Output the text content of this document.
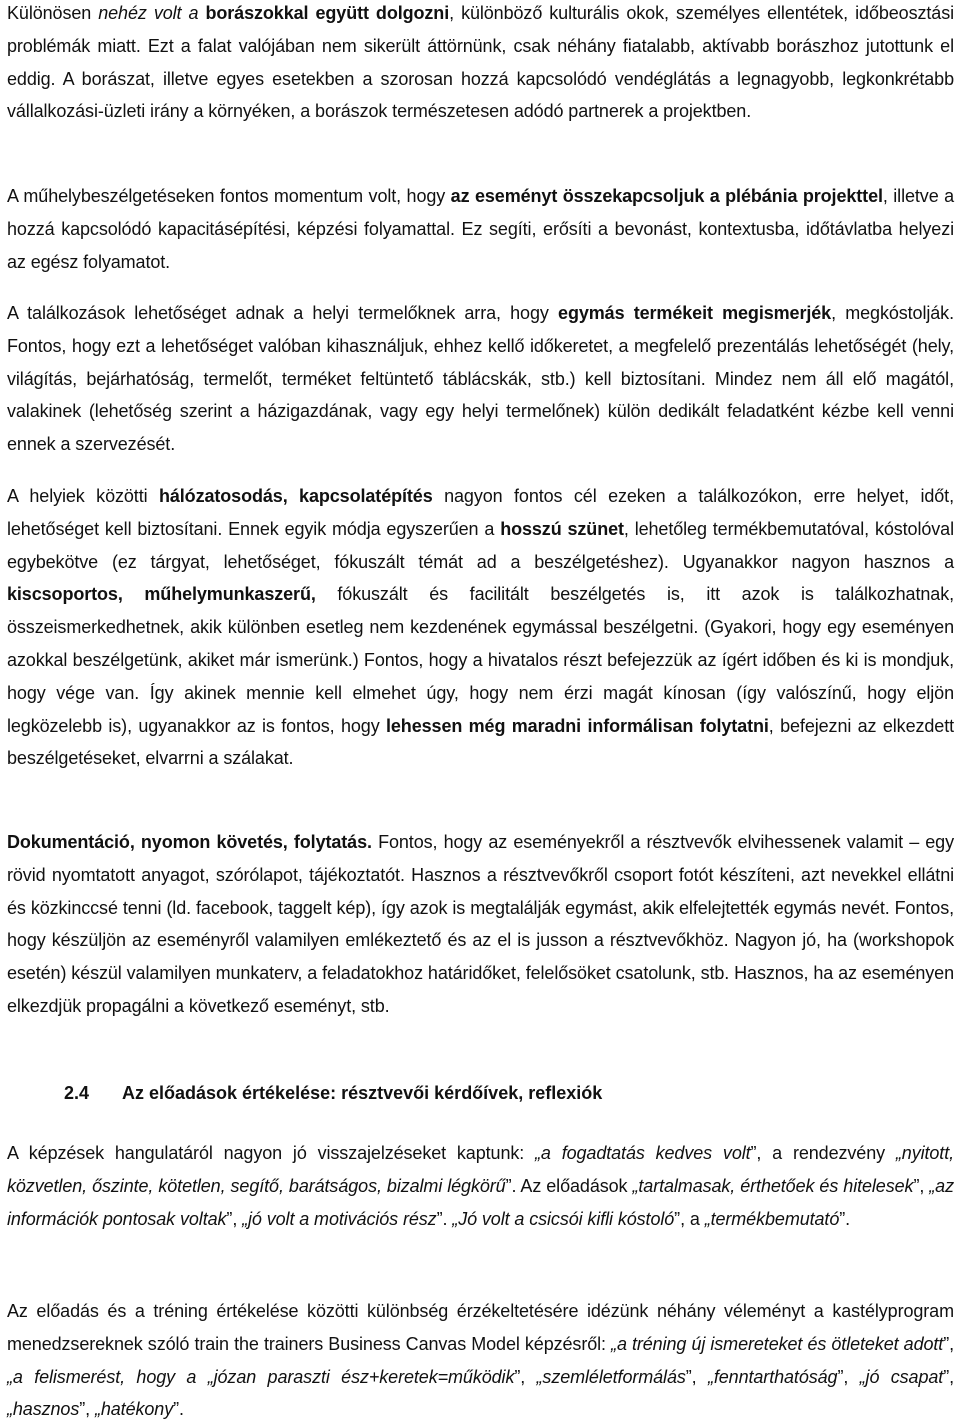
Különösen nehéz volt a borászokkal együtt dolgozni, különböző kulturális okok, személyes ellentétek, időbeosztási problémák miatt. Ezt a falat valójában nem sikerült áttörnünk, csak néhány fiatalabb, aktívabb borászhoz jutottunk el eddig. A borászat, illetve egyes esetekben a szorosan hozzá kapcsolódó vendéglátás a legnagyobb, legkonkrétabb vállalkozási-üzleti irány a környéken, a borászok természetesen adódó partnerek a projektben.

A műhelybeszélgetéseken fontos momentum volt, hogy az eseményt összekapcsoljuk a plébánia projekttel, illetve a hozzá kapcsolódó kapacitásépítési, képzési folyamattal. Ez segíti, erősíti a bevonást, kontextusba, időtávlatba helyezi az egész folyamatot.

A találkozások lehetőséget adnak a helyi termelőknek arra, hogy egymás termékeit megismerjék, megkóstolják. Fontos, hogy ezt a lehetőséget valóban kihasználjuk, ehhez kellő időkeretet, a megfelelő prezentálás lehetőségét (hely, világítás, bejárhatóság, termelőt, terméket feltüntető táblácskák, stb.) kell biztosítani. Mindez nem áll elő magától, valakinek (lehetőség szerint a házigazdának, vagy egy helyi termelőnek) külön dedikált feladatként kézbe kell venni ennek a szervezését.

A helyiek közötti hálózatosodás, kapcsolatépítés nagyon fontos cél ezeken a találkozókon, erre helyet, időt, lehetőséget kell biztosítani. Ennek egyik módja egyszerűen a hosszú szünet, lehetőleg termékbemutatóval, kóstolóval egybekötve (ez tárgyat, lehetőséget, fókuszált témát ad a beszélgetéshez). Ugyanakkor nagyon hasznos a kiscsoportos, műhelymunkaszerű, fókuszált és facilitált beszélgetés is, itt azok is találkozhatnak, összeismerkedhetnek, akik különben esetleg nem kezdenének egymással beszélgetni. (Gyakori, hogy egy eseményen azokkal beszélgetünk, akiket már ismerünk.) Fontos, hogy a hivatalos részt befejezzük az ígért időben és ki is mondjuk, hogy vége van. Így akinek mennie kell elmehet úgy, hogy nem érzi magát kínosan (így valószínű, hogy eljön legközelebb is), ugyanakkor az is fontos, hogy lehessen még maradni informálisan folytatni, befejezni az elkezdett beszélgetéseket, elvarrni a szálakat.

Dokumentáció, nyomon követés, folytatás. Fontos, hogy az eseményekről a résztvevők elvihessenek valamit – egy rövid nyomtatott anyagot, szórólapot, tájékoztatót. Hasznos a résztvevőkről csoport fotót készíteni, azt nevekkel ellátni és közkinccsé tenni (ld. facebook, taggelt kép), így azok is megtalálják egymást, akik elfelejtették egymás nevét. Fontos, hogy készüljön az eseményről valamilyen emlékeztető és az el is jusson a résztvevőkhöz. Nagyon jó, ha (workshopok esetén) készül valamilyen munkaterv, a feladatokhoz határidőket, felelősöket csatolunk, stb. Hasznos, ha az eseményen elkezdjük propagálni a következő eseményt, stb.

2.4 Az előadások értékelése: résztvevői kérdőívek, reflexiók

A képzések hangulatáról nagyon jó visszajelzéseket kaptunk: „a fogadtatás kedves volt”, a rendezvény „nyitott, közvetlen, őszinte, kötetlen, segítő, barátságos, bizalmi légkörű”. Az előadások „tartalmasak, érthetőek és hitelesek”, „az információk pontosak voltak”, „jó volt a motivációs rész”. „Jó volt a csicsói kifli kóstoló”, a „termékbemutató”.

Az előadás és a tréning értékelése közötti különbség érzékeltetésére idézünk néhány véleményt a kastélyprogram menedzsereknek szóló train the trainers Business Canvas Model képzésről: „a tréning új ismereteket és ötleteket adott”, „a felismerést, hogy a „józan paraszti ész+keretek=működik”, „szemléletformálás”, „fenntarthatóság”, „jó csapat”, „hasznos”, „hatékony”.
